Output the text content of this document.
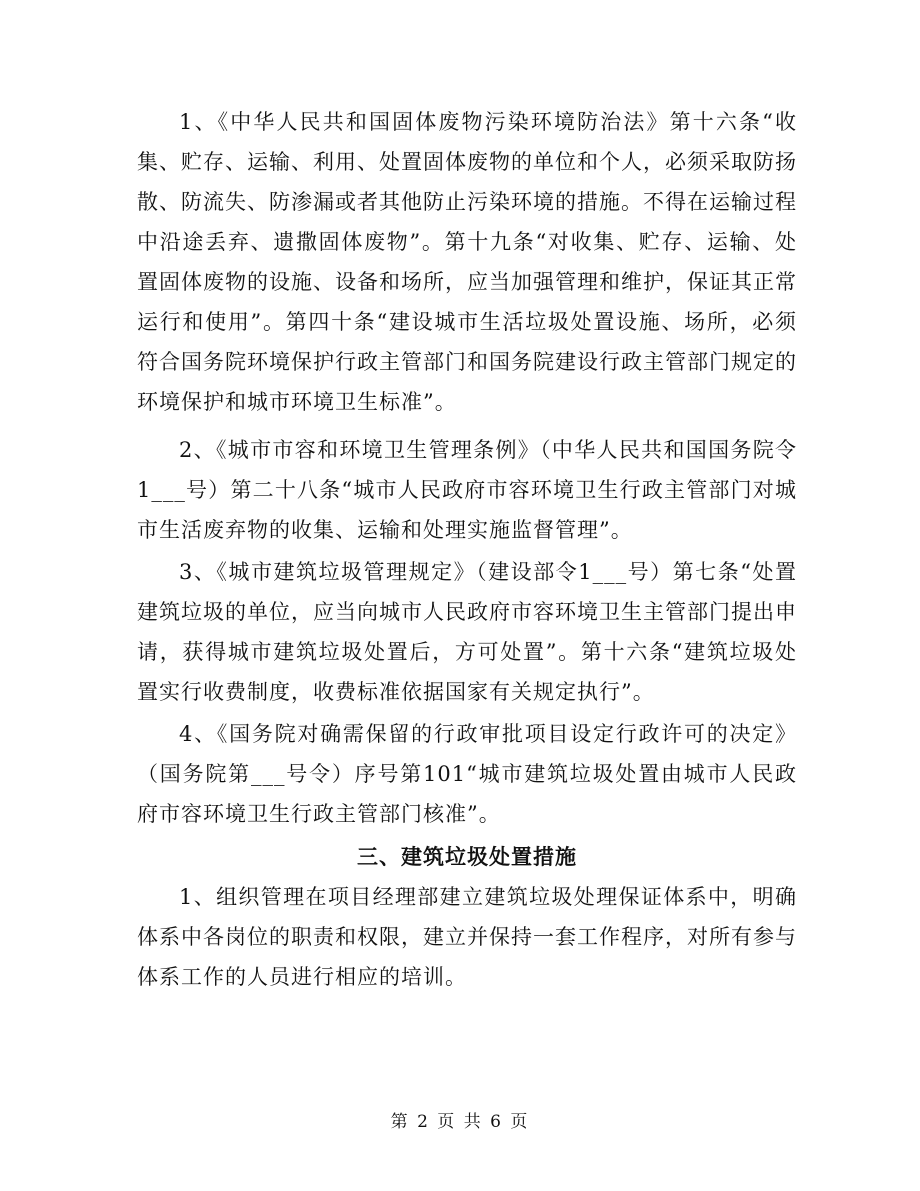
1、《中华人民共和国固体废物污染环境防治法》第十六条“收集、贮存、运输、利用、处置固体废物的单位和个人，必须采取防扬散、防流失、防渗漏或者其他防止污染环境的措施。不得在运输过程中沿途丢弃、遗撒固体废物”。第十九条“对收集、贮存、运输、处置固体废物的设施、设备和场所，应当加强管理和维护，保证其正常运行和使用”。第四十条“建设城市生活垃圾处置设施、场所，必须符合国务院环境保护行政主管部门和国务院建设行政主管部门规定的环境保护和城市环境卫生标准”。

2、《城市市容和环境卫生管理条例》（中华人民共和国国务院令1___号）第二十八条“城市人民政府市容环境卫生行政主管部门对城市生活废弃物的收集、运输和处理实施监督管理”。

3、《城市建筑垃圾管理规定》（建设部令1___号）第七条“处置建筑垃圾的单位，应当向城市人民政府市容环境卫生主管部门提出申请，获得城市建筑垃圾处置后，方可处置”。第十六条“建筑垃圾处置实行收费制度，收费标准依据国家有关规定执行”。

4、《国务院对确需保留的行政审批项目设定行政许可的决定》（国务院第___号令）序号第101“城市建筑垃圾处置由城市人民政府市容环境卫生行政主管部门核准”。

三、建筑垃圾处置措施

1、组织管理在项目经理部建立建筑垃圾处理保证体系中，明确体系中各岗位的职责和权限，建立并保持一套工作程序，对所有参与体系工作的人员进行相应的培训。

第 2 页 共 6 页
